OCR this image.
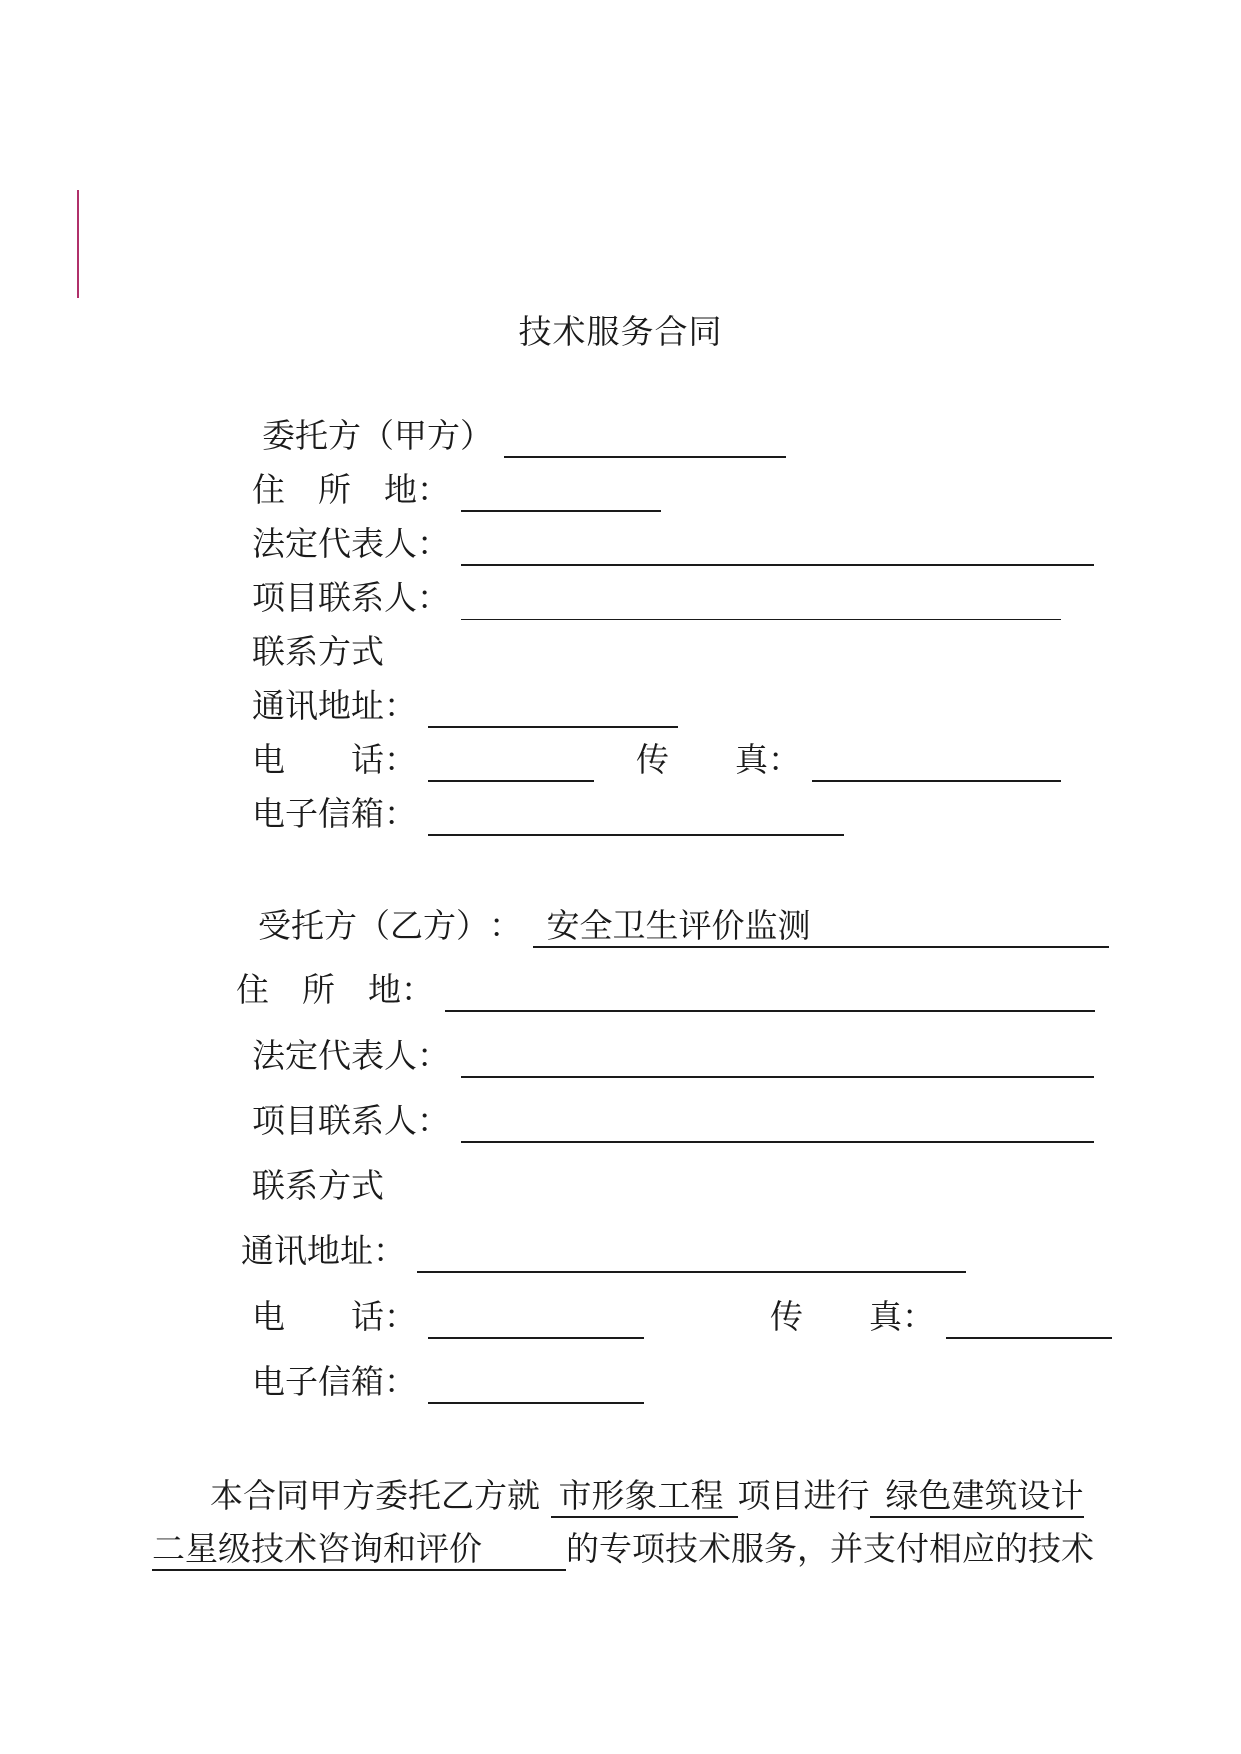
技术服务合同
委托方（甲方）
住　所　地：
法定代表人：
项目联系人：
联系方式
通讯地址：
电　　话：	传　　真：
电子信箱：
受托方（乙方）： 安全卫生评价监测
住　所　地：
法定代表人：
项目联系人：
联系方式
通讯地址：
电　　话：	传　　真：
电子信箱：
本合同甲方委托乙方就 市形象工程 项目进行 绿色建筑设计
二星级技术咨询和评价	的专项技术服务，并支付相应的技术
